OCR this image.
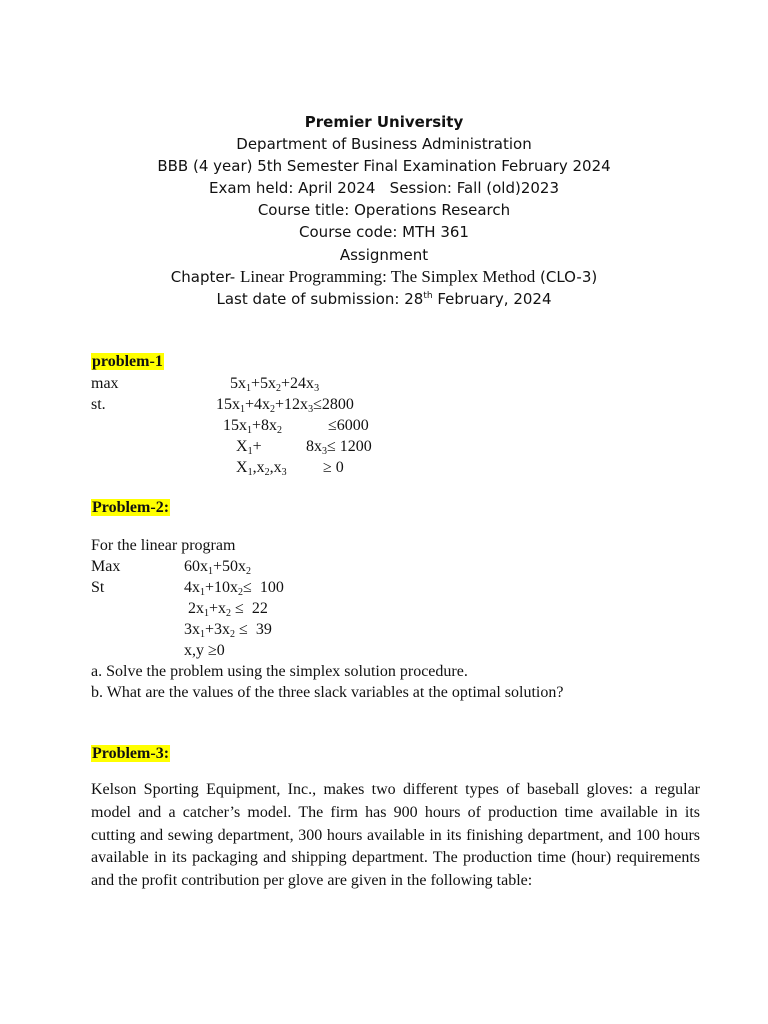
Premier University
Department of Business Administration
BBB (4 year) 5th Semester Final Examination February 2024
Exam held: April 2024   Session: Fall (old)2023
Course title: Operations Research
Course code: MTH 361
Assignment
Chapter- Linear Programming: The Simplex Method (CLO-3)
Last date of submission: 28th February, 2024
problem-1
max	$5x_1+5x_2+24x_3$
st.	$15x_1+4x_2+12x_3\le 2800$
$15x_1+8x_2$	≤6000
$X_1+$	$8x_3\le 1200$
$X_1,x_2,x_3 \ge 0$
Problem-2:
For the linear program
Max	$60x_1+50x_2$
St	$4x_1+10x_2\le 100$
$2x_1+x_2 \le 22$
$3x_1+3x_2 \le 39$
x,y ≥0
a. Solve the problem using the simplex solution procedure.
b. What are the values of the three slack variables at the optimal solution?
Problem-3:
Kelson Sporting Equipment, Inc., makes two different types of baseball gloves: a regular model and a catcher’s model. The firm has 900 hours of production time available in its cutting and sewing department, 300 hours available in its finishing department, and 100 hours available in its packaging and shipping department. The production time (hour) requirements and the profit contribution per glove are given in the following table:
